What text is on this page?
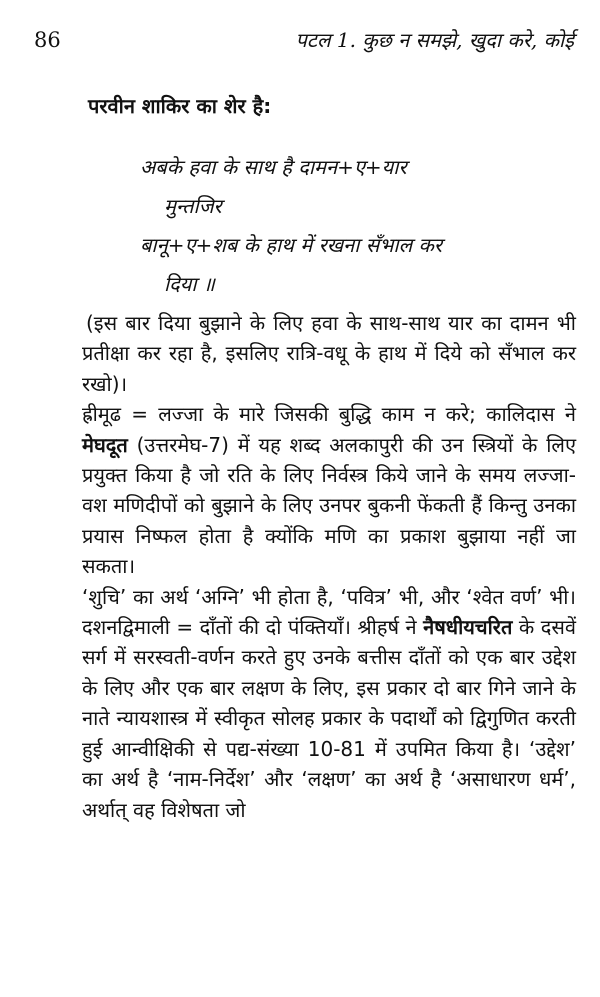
86	पटल 1. कुछ न समझे, खुदा करे, कोई
परवीन शाकिर का शेर है:
अबके हवा के साथ है दामन+ए+यार
मुन्तजिर
बानू+ए+शब के हाथ में रखना सँभाल कर
दिया ॥

(इस बार दिया बुझाने के लिए हवा के साथ-साथ यार का दामन भी प्रतीक्षा कर रहा है, इसलिए रात्रि-वधू के हाथ में दिये को सँभाल कर रखो)।

ह्रीमूढ = लज्जा के मारे जिसकी बुद्धि काम न करे; कालिदास ने मेघदूत (उत्तरमेघ-7) में यह शब्द अलकापुरी की उन स्त्रियों के लिए प्रयुक्त किया है जो रति के लिए निर्वस्त्र किये जाने के समय लज्जा-वश मणिदीपों को बुझाने के लिए उनपर बुकनी फेंकती हैं किन्तु उनका प्रयास निष्फल होता है क्योंकि मणि का प्रकाश बुझाया नहीं जा सकता।

‘शुचि’ का अर्थ ‘अग्नि’ भी होता है, ‘पवित्र’ भी, और ‘श्वेत वर्ण’ भी। दशनद्विमाली = दाँतों की दो पंक्तियाँ। श्रीहर्ष ने नैषधीयचरित के दसवें सर्ग में सरस्वती-वर्णन करते हुए उनके बत्तीस दाँतों को एक बार उद्देश के लिए और एक बार लक्षण के लिए, इस प्रकार दो बार गिने जाने के नाते न्यायशास्त्र में स्वीकृत सोलह प्रकार के पदार्थों को द्विगुणित करती हुई आन्वीक्षिकी से पद्य-संख्या 10-81 में उपमित किया है। ‘उद्देश’ का अर्थ है ‘नाम-निर्देश’ और ‘लक्षण’ का अर्थ है ‘असाधारण धर्म’, अर्थात् वह विशेषता जो
